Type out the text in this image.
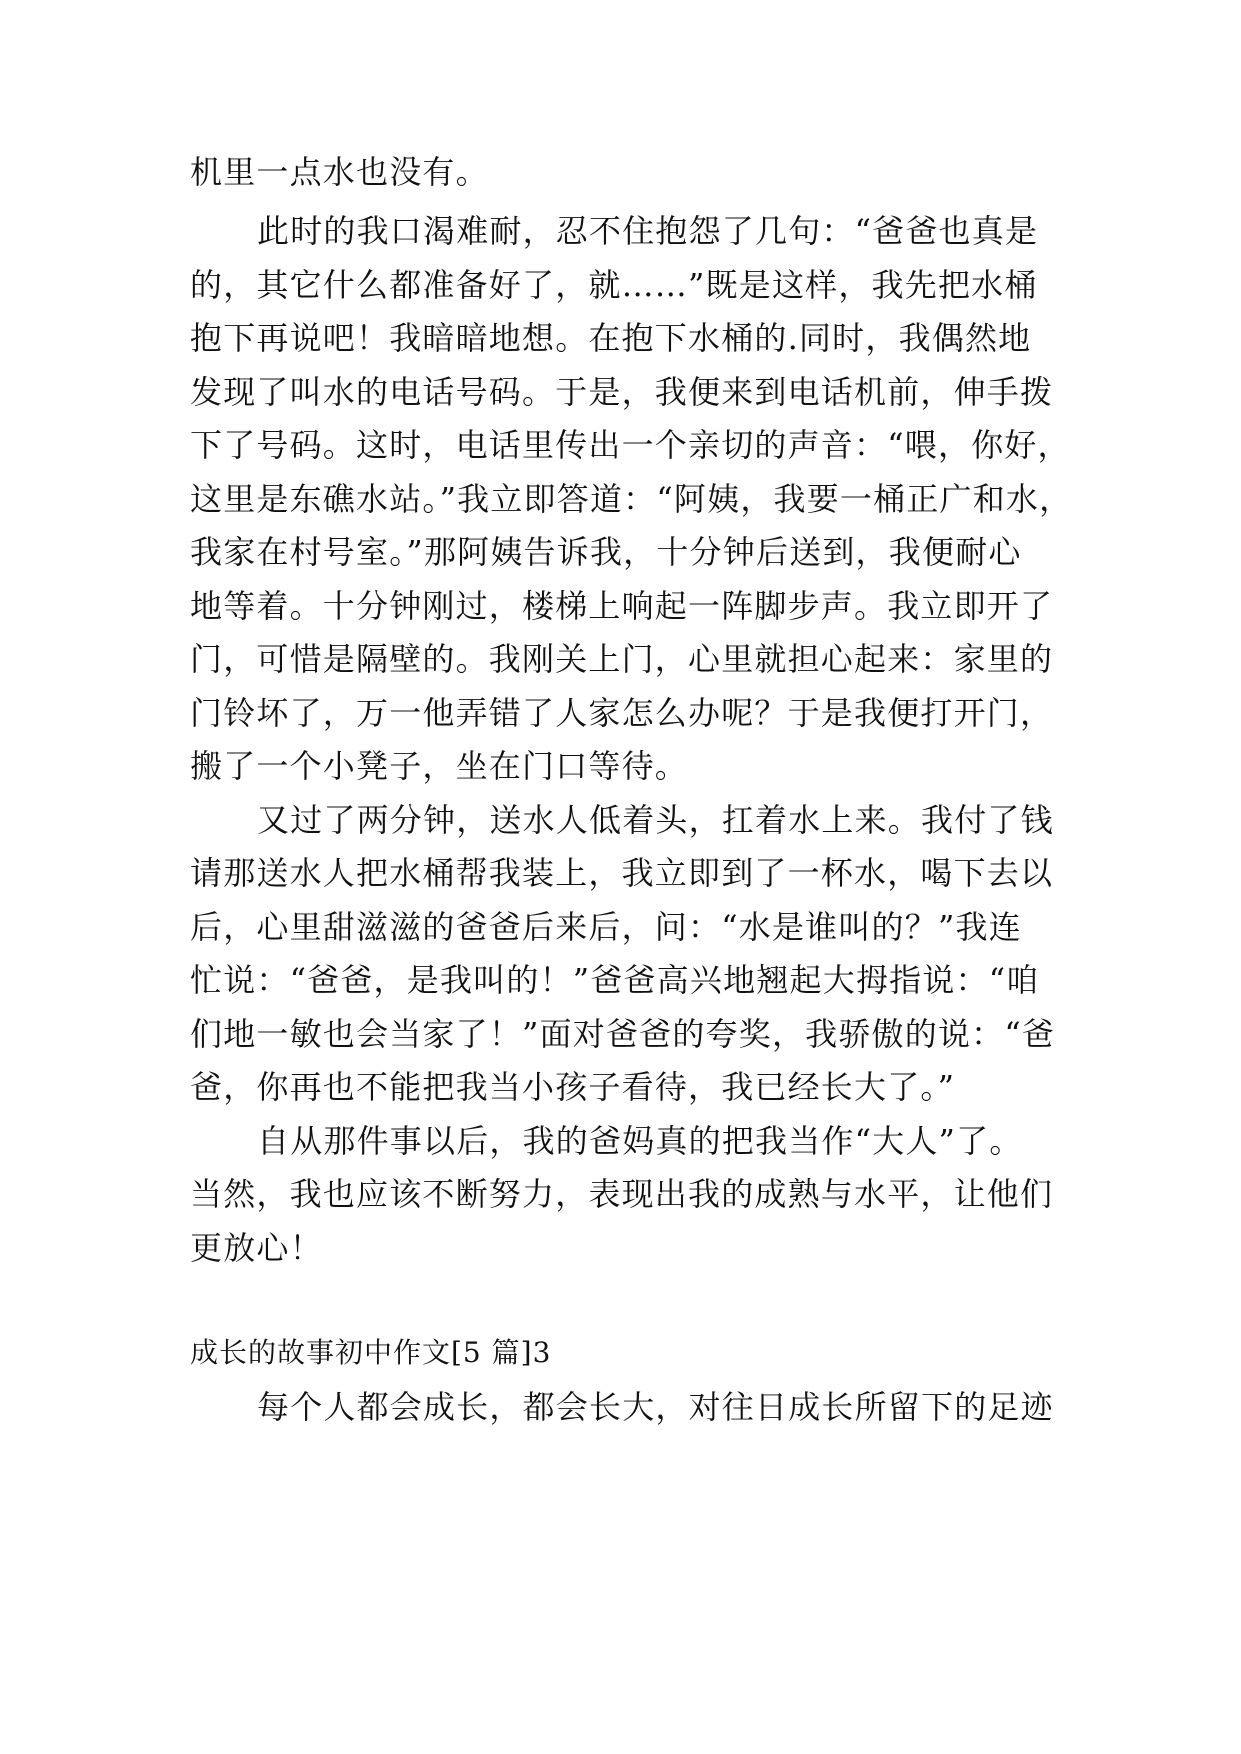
机里一点水也没有。
此时的我口渴难耐，忍不住抱怨了几句：“爸爸也真是
的，其它什么都准备好了，就……”既是这样，我先把水桶
抱下再说吧！我暗暗地想。在抱下水桶的.同时，我偶然地
发现了叫水的电话号码。于是，我便来到电话机前，伸手拨
下了号码。这时，电话里传出一个亲切的声音：“喂，你好，
这里是东礁水站。”我立即答道：“阿姨，我要一桶正广和水，
我家在村号室。”那阿姨告诉我，十分钟后送到，我便耐心
地等着。十分钟刚过，楼梯上响起一阵脚步声。我立即开了
门，可惜是隔壁的。我刚关上门，心里就担心起来：家里的
门铃坏了，万一他弄错了人家怎么办呢？于是我便打开门，
搬了一个小凳子，坐在门口等待。
又过了两分钟，送水人低着头，扛着水上来。我付了钱
请那送水人把水桶帮我装上，我立即到了一杯水，喝下去以
后，心里甜滋滋的爸爸后来后，问：“水是谁叫的？”我连
忙说：“爸爸，是我叫的！”爸爸高兴地翘起大拇指说：“咱
们地一敏也会当家了！”面对爸爸的夸奖，我骄傲的说：“爸
爸，你再也不能把我当小孩子看待，我已经长大了。”
自从那件事以后，我的爸妈真的把我当作“大人”了。
当然，我也应该不断努力，表现出我的成熟与水平，让他们
更放心！
成长的故事初中作文[5 篇]3
每个人都会成长，都会长大，对往日成长所留下的足迹
